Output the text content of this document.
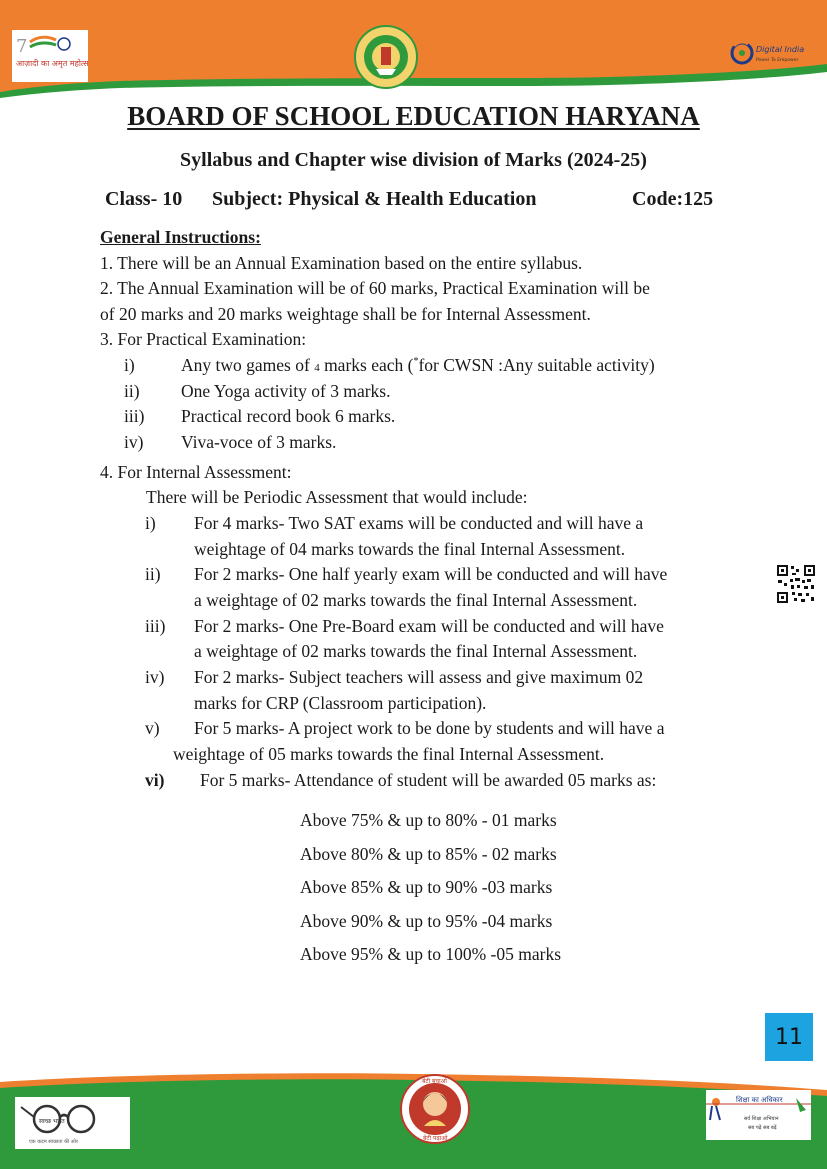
7
आज़ादी का अमृत महोत्सव
Digital India
Power To Empower
BOARD OF SCHOOL EDUCATION HARYANA
Syllabus and Chapter wise division of Marks (2024-25)
Class- 10 Subject: Physical & Health Education	Code:125
General Instructions:
1. There will be an Annual Examination based on the entire syllabus.
2. The Annual Examination will be of 60 marks, Practical Examination will be
of 20 marks and 20 marks weightage shall be for Internal Assessment.
3. For Practical Examination:
i)	Any two games of 4 marks each (*for CWSN :Any suitable activity)
ii) One Yoga activity of 3 marks.
iii) Practical record book 6 marks.
iv) Viva-voce of 3 marks.
4. For Internal Assessment:
There will be Periodic Assessment that would include:
i) For 4 marks- Two SAT exams will be conducted and will have a
weightage of 04 marks towards the final Internal Assessment.
ii) For 2 marks- One half yearly exam will be conducted and will have
a weightage of 02 marks towards the final Internal Assessment.
iii) For 2 marks- One Pre-Board exam will be conducted and will have
a weightage of 02 marks towards the final Internal Assessment.
iv) For 2 marks- Subject teachers will assess and give maximum 02
marks for CRP (Classroom participation).
v) For 5 marks- A project work to be done by students and will have a
weightage of 05 marks towards the final Internal Assessment.
vi) For 5 marks- Attendance of student will be awarded 05 marks as:
Above 75% & up to 80% - 01 marks
Above 80% & up to 85% - 02 marks
Above 85% & up to 90% -03 marks
Above 90% & up to 95% -04 marks
Above 95% & up to 100% -05 marks
11
स्वच्छ भारत
एक कदम स्वच्छता की ओर
बेटी बचाओ
बेटी पढ़ाओ
शिक्षा का अधिकार
सर्व शिक्षा अभियान
सब पढ़ें सब बढ़ें
